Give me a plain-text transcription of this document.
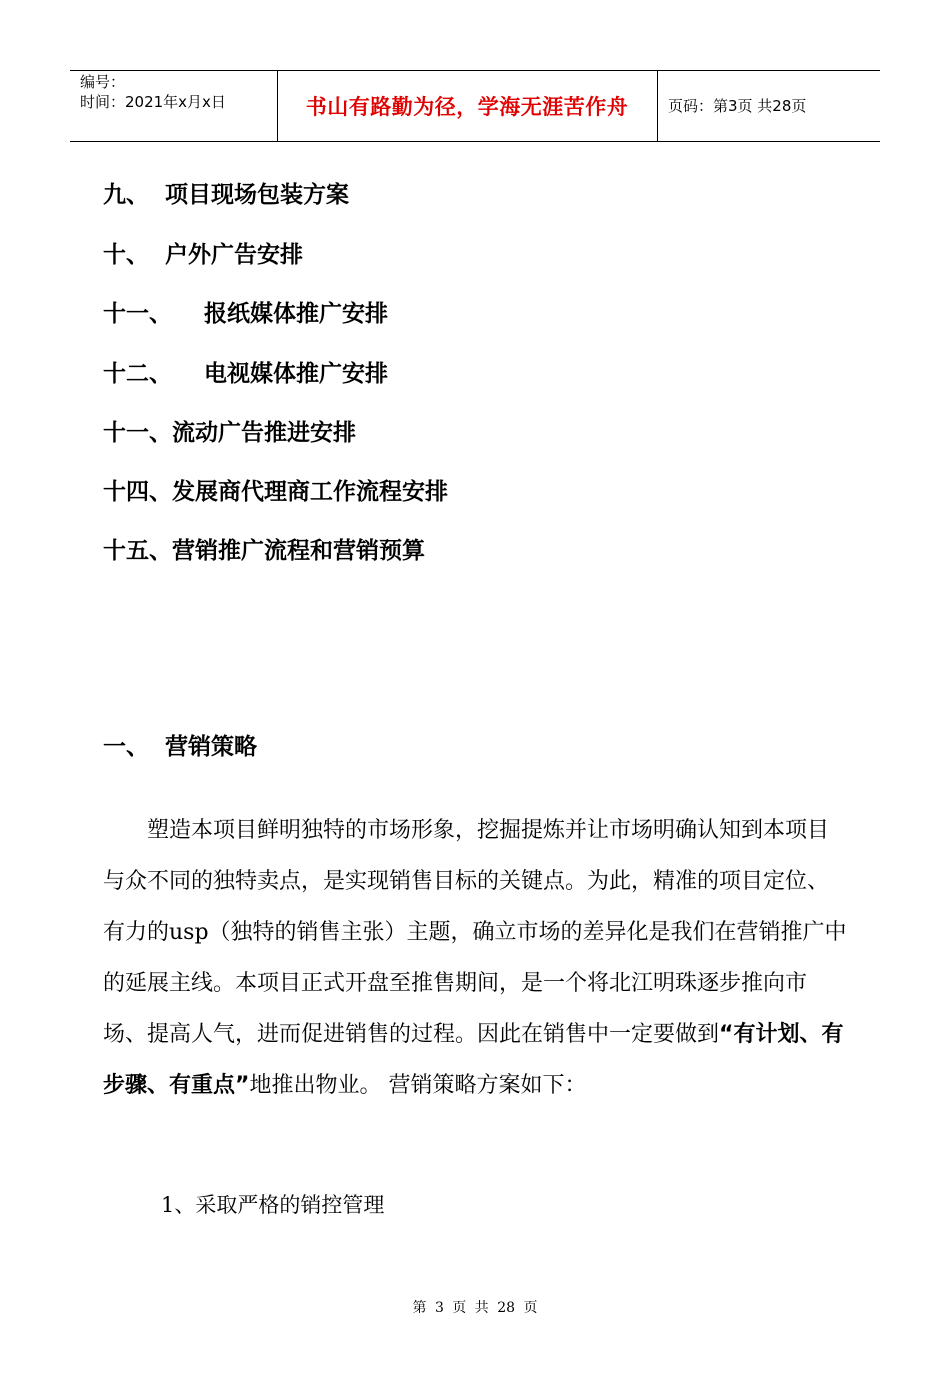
编号：
时间：2021年x月x日	书山有路勤为径，学海无涯苦作舟	页码：第3页 共28页
九、  项目现场包装方案
十、  户外广告安排
十一、    报纸媒体推广安排
十二、    电视媒体推广安排
十一、流动广告推进安排
十四、发展商代理商工作流程安排
十五、营销推广流程和营销预算
一、  营销策略
塑造本项目鲜明独特的市场形象，挖掘提炼并让市场明确认知到本项目与众不同的独特卖点，是实现销售目标的关键点。为此，精准的项目定位、有力的usp（独特的销售主张）主题，确立市场的差异化是我们在营销推广中的延展主线。本项目正式开盘至推售期间，是一个将北江明珠逐步推向市场、提高人气，进而促进销售的过程。因此在销售中一定要做到“有计划、有步骤、有重点”地推出物业。 营销策略方案如下：
1、采取严格的销控管理
第 3 页 共 28 页
